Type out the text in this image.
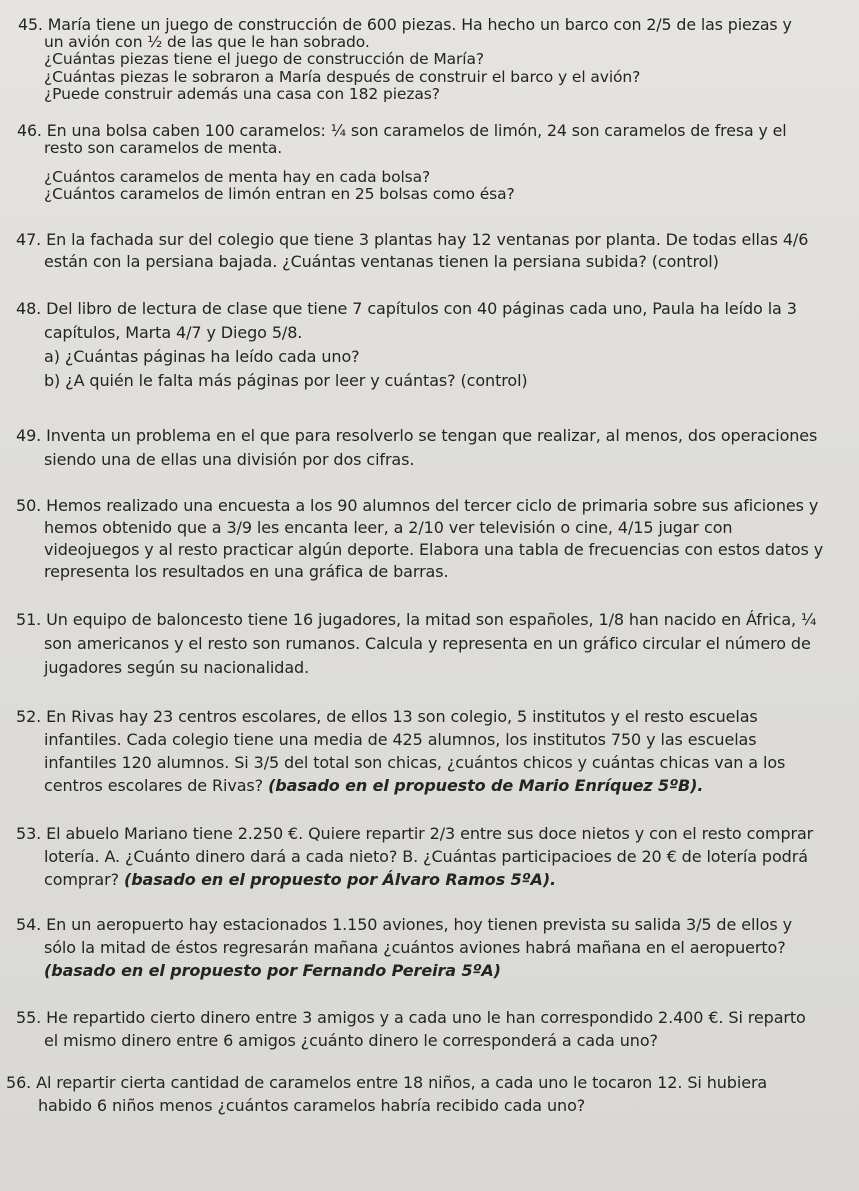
45. María tiene un juego de construcción de 600 piezas. Ha hecho un barco con 2/5 de las piezas y
un avión con ½ de las que le han sobrado.
¿Cuántas piezas tiene el juego de construcción de María?
¿Cuántas piezas le sobraron a María después de construir el barco y el avión?
¿Puede construir además una casa con 182 piezas?
46. En una bolsa caben 100 caramelos: ¼ son caramelos de limón, 24 son caramelos de fresa y el
resto son caramelos de menta.
¿Cuántos caramelos de menta hay en cada bolsa?
¿Cuántos caramelos de limón entran en 25 bolsas como ésa?
47. En la fachada sur del colegio que tiene 3 plantas hay 12 ventanas por planta. De todas ellas 4/6
están con la persiana bajada. ¿Cuántas ventanas tienen la persiana subida? (control)
48. Del libro de lectura de clase que tiene 7 capítulos con 40 páginas cada uno, Paula ha leído la 3
capítulos, Marta 4/7 y Diego 5/8.
a) ¿Cuántas páginas ha leído cada uno?
b) ¿A quién le falta más páginas por leer y cuántas? (control)
49. Inventa un problema en el que para resolverlo se tengan que realizar, al menos, dos operaciones
siendo una de ellas una división por dos cifras.
50. Hemos realizado una encuesta a los 90 alumnos del tercer ciclo de primaria sobre sus aficiones y
hemos obtenido que a 3/9 les encanta leer, a 2/10 ver televisión o cine, 4/15 jugar con
videojuegos y al resto practicar algún deporte. Elabora una tabla de frecuencias con estos datos y
representa los resultados en una gráfica de barras.
51. Un equipo de baloncesto tiene 16 jugadores, la mitad son españoles, 1/8 han nacido en África, ¼
son americanos y el resto son rumanos. Calcula y representa en un gráfico circular el número de
jugadores según su nacionalidad.
52. En Rivas hay 23 centros escolares, de ellos 13 son colegio, 5 institutos y el resto escuelas
infantiles. Cada colegio tiene una media de 425 alumnos, los institutos 750 y las escuelas
infantiles 120 alumnos. Si 3/5 del total son chicas, ¿cuántos chicos y cuántas chicas van a los
centros escolares de Rivas? (basado en el propuesto de Mario Enríquez 5ºB).
53. El abuelo Mariano tiene 2.250 €. Quiere repartir 2/3 entre sus doce nietos y con el resto comprar
lotería. A. ¿Cuánto dinero dará a cada nieto? B. ¿Cuántas participacioes de 20 € de lotería podrá
comprar? (basado en el propuesto por Álvaro Ramos 5ºA).
54. En un aeropuerto hay estacionados 1.150 aviones, hoy tienen prevista su salida 3/5 de ellos y
sólo la mitad de éstos regresarán mañana ¿cuántos aviones habrá mañana en el aeropuerto?
(basado en el propuesto por Fernando Pereira 5ºA)
55. He repartido cierto dinero entre 3 amigos y a cada uno le han correspondido 2.400 €. Si reparto
el mismo dinero entre 6 amigos ¿cuánto dinero le corresponderá a cada uno?
56. Al repartir cierta cantidad de caramelos entre 18 niños, a cada uno le tocaron 12. Si hubiera
habido 6 niños menos ¿cuántos caramelos habría recibido cada uno?
